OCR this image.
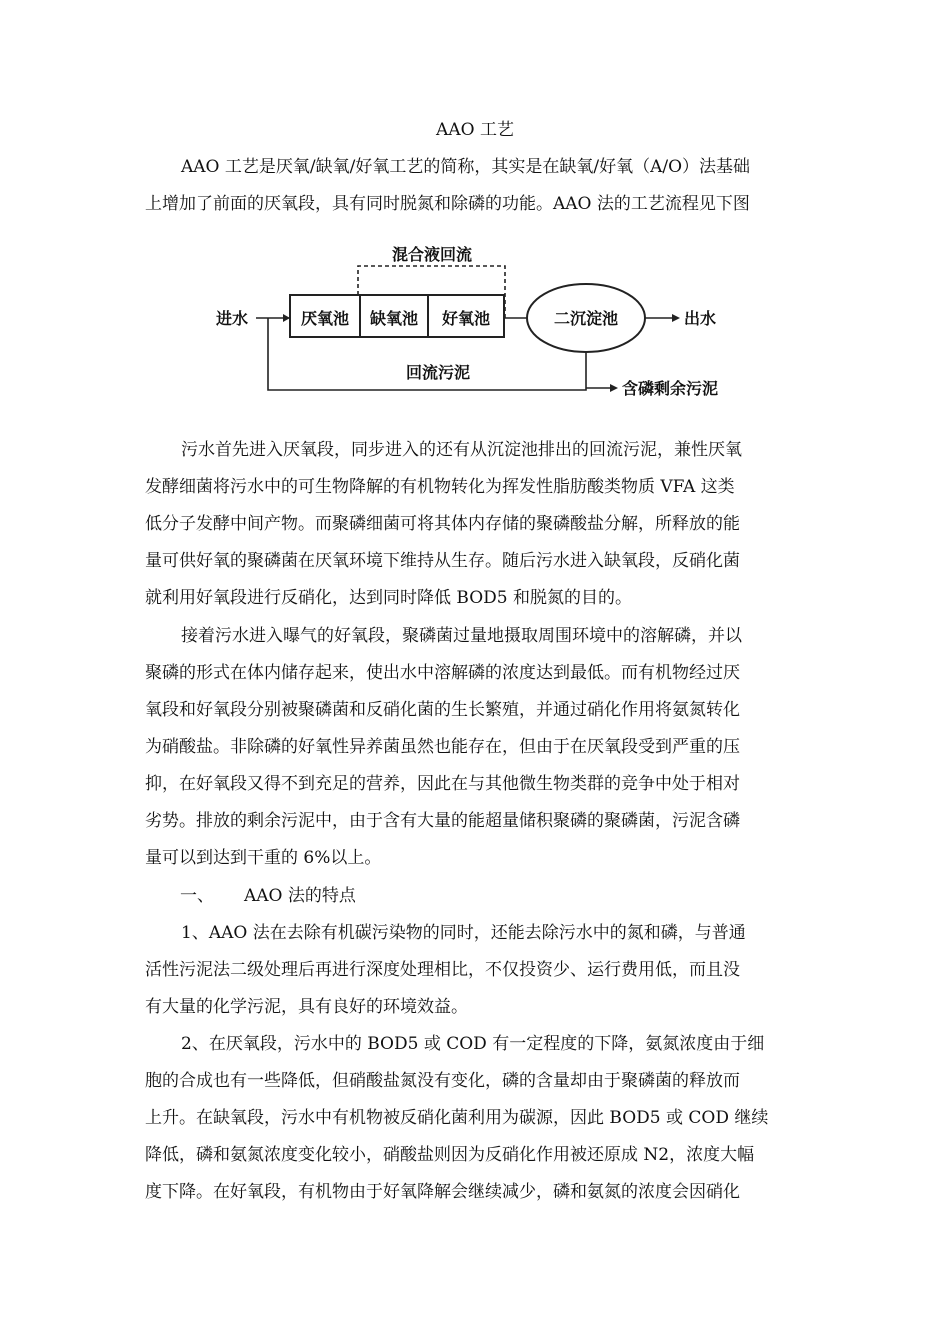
AAO 工艺

AAO 工艺是厌氧/缺氧/好氧工艺的简称，其实是在缺氧/好氧（A/O）法基础
上增加了前面的厌氧段，具有同时脱氮和除磷的功能。AAO 法的工艺流程见下图

混合液回流
进水	厌氧池 缺氧池 好氧池	二沉淀池	出水
回流污泥
含磷剩余污泥

污水首先进入厌氧段，同步进入的还有从沉淀池排出的回流污泥，兼性厌氧
发酵细菌将污水中的可生物降解的有机物转化为挥发性脂肪酸类物质 VFA 这类
低分子发酵中间产物。而聚磷细菌可将其体内存储的聚磷酸盐分解，所释放的能
量可供好氧的聚磷菌在厌氧环境下维持从生存。随后污水进入缺氧段，反硝化菌
就利用好氧段进行反硝化，达到同时降低 BOD5 和脱氮的目的。

接着污水进入曝气的好氧段，聚磷菌过量地摄取周围环境中的溶解磷，并以
聚磷的形式在体内储存起来，使出水中溶解磷的浓度达到最低。而有机物经过厌
氧段和好氧段分别被聚磷菌和反硝化菌的生长繁殖，并通过硝化作用将氨氮转化
为硝酸盐。非除磷的好氧性异养菌虽然也能存在，但由于在厌氧段受到严重的压
抑，在好氧段又得不到充足的营养，因此在与其他微生物类群的竞争中处于相对
劣势。排放的剩余污泥中，由于含有大量的能超量储积聚磷的聚磷菌，污泥含磷
量可以到达到干重的 6%以上。

一、 AAO 法的特点

1、AAO 法在去除有机碳污染物的同时，还能去除污水中的氮和磷，与普通
活性污泥法二级处理后再进行深度处理相比，不仅投资少、运行费用低，而且没
有大量的化学污泥，具有良好的环境效益。

2、在厌氧段，污水中的 BOD5 或 COD 有一定程度的下降，氨氮浓度由于细
胞的合成也有一些降低，但硝酸盐氮没有变化，磷的含量却由于聚磷菌的释放而
上升。在缺氧段，污水中有机物被反硝化菌利用为碳源，因此 BOD5 或 COD 继续
降低，磷和氨氮浓度变化较小，硝酸盐则因为反硝化作用被还原成 N2，浓度大幅
度下降。在好氧段，有机物由于好氧降解会继续减少，磷和氨氮的浓度会因硝化
